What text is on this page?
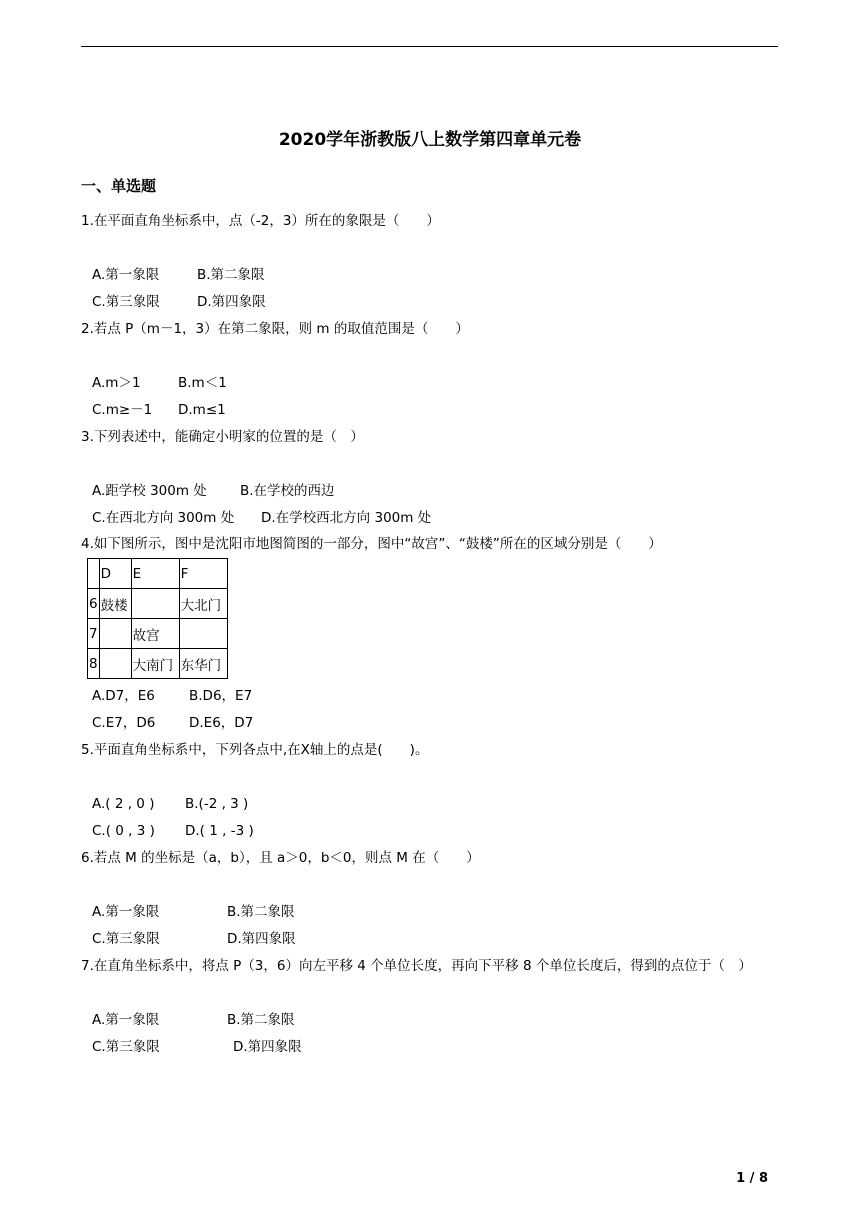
2020学年浙教版八上数学第四章单元卷
一、单选题
1.在平面直角坐标系中，点（-2，3）所在的象限是（　　）
A.第一象限	B.第二象限
C.第三象限	D.第四象限
2.若点 P（m－1，3）在第二象限，则 m 的取值范围是（　　）
A.m＞1	B.m＜1
C.m≥－1 D.m≤1
3.下列表述中，能确定小明家的位置的是（　）
A.距学校 300m 处 B.在学校的西边
C.在西北方向 300m 处 D.在学校西北方向 300m 处
4.如下图所示，图中是沈阳市地图简图的一部分，图中“故宫”、“鼓楼”所在的区域分别是（　　）
	D	E	F
6	鼓楼		大北门
7		故宫	
8		大南门	东华门
A.D7，E6	B.D6，E7
C.E7，D6 D.E6，D7
5.平面直角坐标系中，下列各点中,在X轴上的点是(　　)。
A.( 2 , 0 ) B.(-2 , 3 )
C.( 0 , 3 ) D.( 1 , -3 )
6.若点 M 的坐标是（a，b），且 a＞0，b＜0，则点 M 在（　　）
A.第一象限	B.第二象限
C.第三象限	D.第四象限
7.在直角坐标系中，将点 P（3，6）向左平移 4 个单位长度，再向下平移 8 个单位长度后，得到的点位于（　）
A.第一象限	B.第二象限
C.第三象限	D.第四象限
1 / 8
